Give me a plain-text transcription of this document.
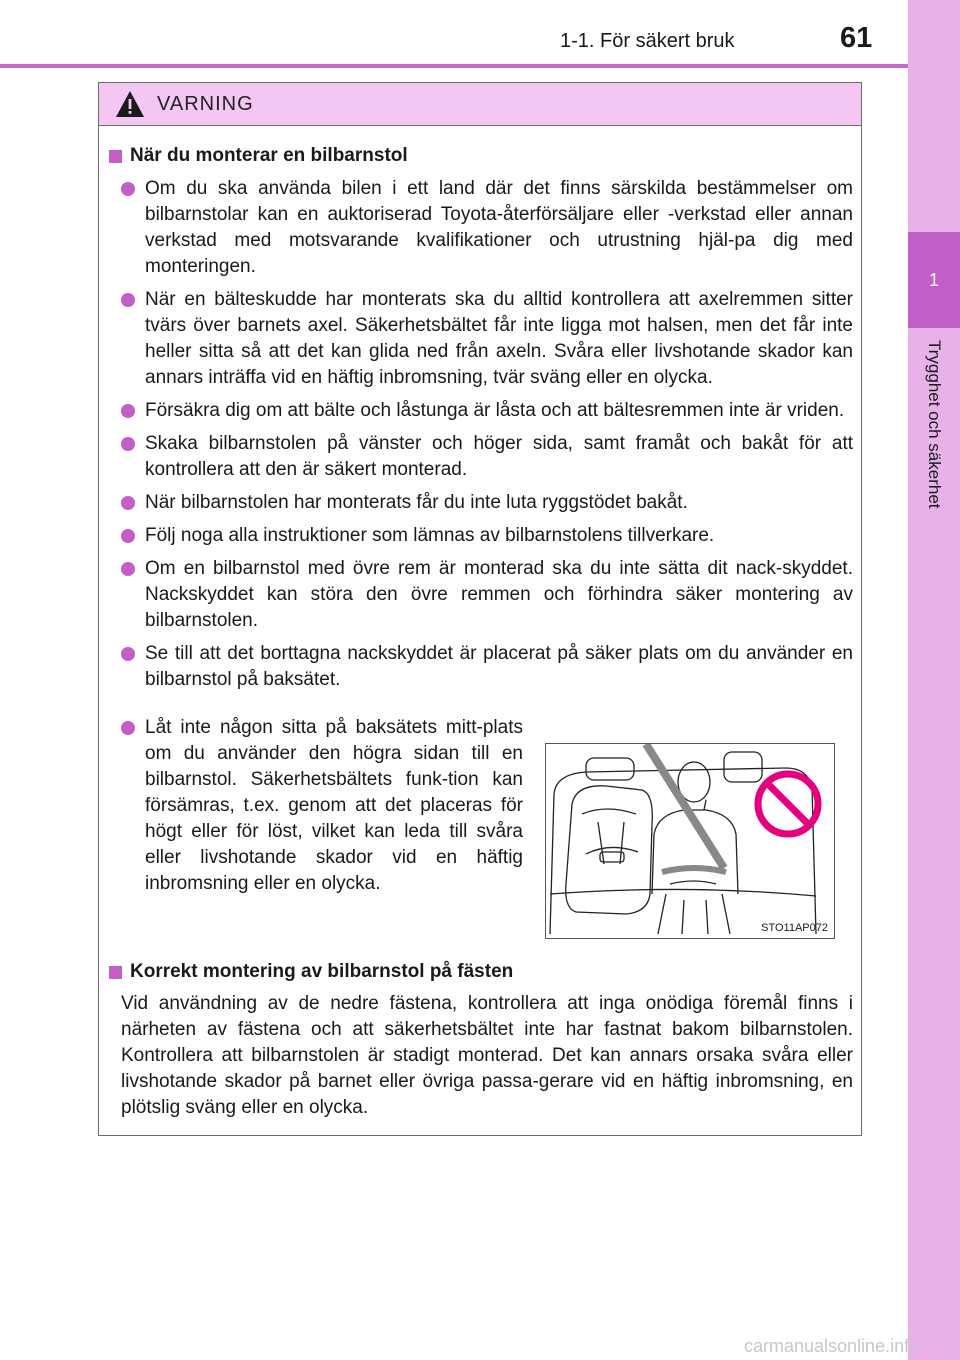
1-1. För säkert bruk	61
1
Trygghet och säkerhet
VARNING
När du monterar en bilbarnstol
Om du ska använda bilen i ett land där det finns särskilda bestämmelser om bilbarnstolar kan en auktoriserad Toyota-återförsäljare eller -verkstad eller annan verkstad med motsvarande kvalifikationer och utrustning hjäl-pa dig med monteringen.
När en bälteskudde har monterats ska du alltid kontrollera att axelremmen sitter tvärs över barnets axel. Säkerhetsbältet får inte ligga mot halsen, men det får inte heller sitta så att det kan glida ned från axeln. Svåra eller livshotande skador kan annars inträffa vid en häftig inbromsning, tvär sväng eller en olycka.
Försäkra dig om att bälte och låstunga är låsta och att bältesremmen inte är vriden.
Skaka bilbarnstolen på vänster och höger sida, samt framåt och bakåt för att kontrollera att den är säkert monterad.
När bilbarnstolen har monterats får du inte luta ryggstödet bakåt.
Följ noga alla instruktioner som lämnas av bilbarnstolens tillverkare.
Om en bilbarnstol med övre rem är monterad ska du inte sätta dit nack-skyddet. Nackskyddet kan störa den övre remmen och förhindra säker montering av bilbarnstolen.
Se till att det borttagna nackskyddet är placerat på säker plats om du använder en bilbarnstol på baksätet.
Låt inte någon sitta på baksätets mitt-plats om du använder den högra sidan till en bilbarnstol. Säkerhetsbältets funk-tion kan försämras, t.ex. genom att det placeras för högt eller för löst, vilket kan leda till svåra eller livshotande skador vid en häftig inbromsning eller en olycka.
STO11AP072
Korrekt montering av bilbarnstol på fästen
Vid användning av de nedre fästena, kontrollera att inga onödiga föremål finns i närheten av fästena och att säkerhetsbältet inte har fastnat bakom bilbarnstolen. Kontrollera att bilbarnstolen är stadigt monterad. Det kan annars orsaka svåra eller livshotande skador på barnet eller övriga passa-gerare vid en häftig inbromsning, en plötslig sväng eller en olycka.
carmanualsonline.info
